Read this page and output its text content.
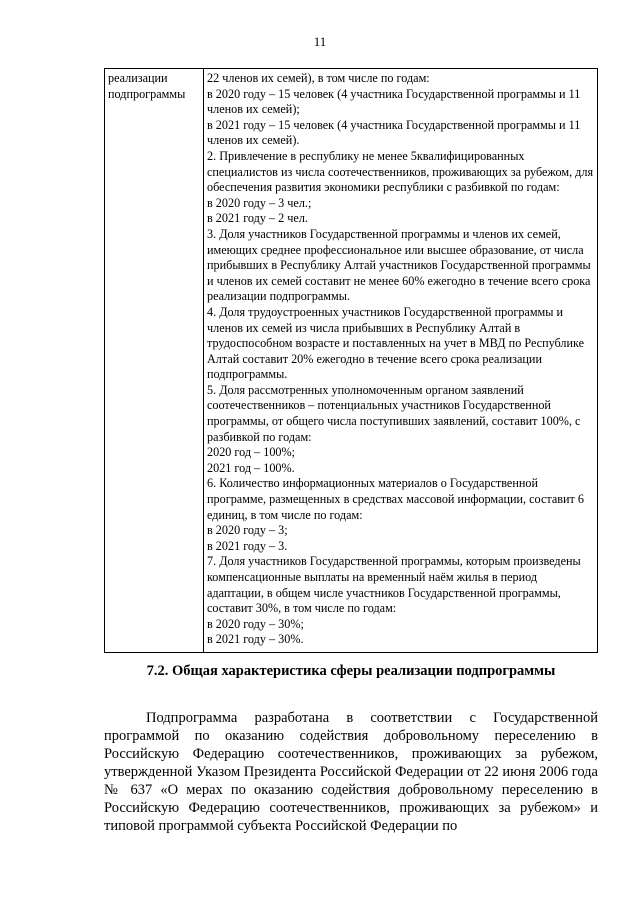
11
реализации
подпрограммы

22 членов их семей), в том числе по годам:
в 2020 году – 15 человек (4 участника Государственной программы и 11 членов их семей);
в 2021 году – 15 человек (4 участника Государственной программы и 11 членов их семей).
2. Привлечение в республику не менее 5квалифицированных специалистов из числа соотечественников, проживающих за рубежом, для обеспечения развития экономики республики с разбивкой по годам:
в 2020 году – 3 чел.;
в 2021 году – 2 чел.
3. Доля участников Государственной программы и членов их семей, имеющих среднее профессиональное или высшее образование, от числа прибывших в Республику Алтай участников Государственной программы и членов их семей составит не менее 60% ежегодно в течение всего срока реализации подпрограммы.
4. Доля трудоустроенных участников Государственной программы и членов их семей из числа прибывших в Республику Алтай в трудоспособном возрасте и поставленных на учет в МВД по Республике Алтай составит 20% ежегодно в течение всего срока реализации подпрограммы.
5. Доля рассмотренных уполномоченным органом заявлений соотечественников – потенциальных участников Государственной программы, от общего числа поступивших заявлений, составит 100%, с разбивкой по годам:
2020 год – 100%;
2021 год – 100%.
6. Количество информационных материалов о Государственной программе, размещенных в средствах массовой информации, составит 6 единиц, в том числе по годам:
в 2020 году – 3;
в 2021 году – 3.
7. Доля участников Государственной программы, которым произведены компенсационные выплаты на временный наём жилья в период адаптации, в общем числе участников Государственной программы, составит 30%, в том числе по годам:
в 2020 году – 30%;
в 2021 году – 30%.
7.2. Общая характеристика сферы реализации подпрограммы
Подпрограмма разработана в соответствии с Государственной программой по оказанию содействия добровольному переселению в Российскую Федерацию соотечественников, проживающих за рубежом, утвержденной Указом Президента Российской Федерации от 22 июня 2006 года № 637 «О мерах по оказанию содействия добровольному переселению в Российскую Федерацию соотечественников, проживающих за рубежом» и типовой программой субъекта Российской Федерации по
